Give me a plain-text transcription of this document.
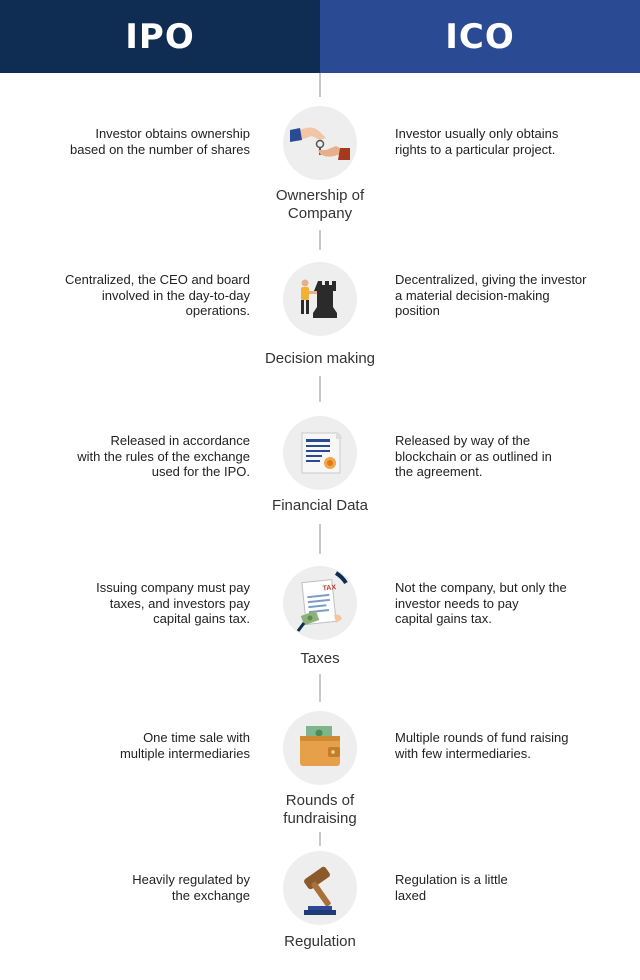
IPO	ICO
Investor obtains ownership
based on the number of shares
Ownership of
Company
Investor usually only obtains
rights to a particular project.
Centralized, the CEO and board
involved in the day-to-day
operations.
Decision making
Decentralized, giving the investor
a material decision-making
position
Released in accordance
with the rules of the exchange
used for the IPO.
Financial Data
Released by way of the
blockchain or as outlined in
the agreement.
Issuing company must pay
taxes, and investors pay
capital gains tax.
TAX
Taxes
Not the company, but only the
investor needs to pay
capital gains tax.
One time sale with
multiple intermediaries
Rounds of
fundraising
Multiple rounds of fund raising
with few intermediaries.
Heavily regulated by
the exchange
Regulation
Regulation is a little
laxed
